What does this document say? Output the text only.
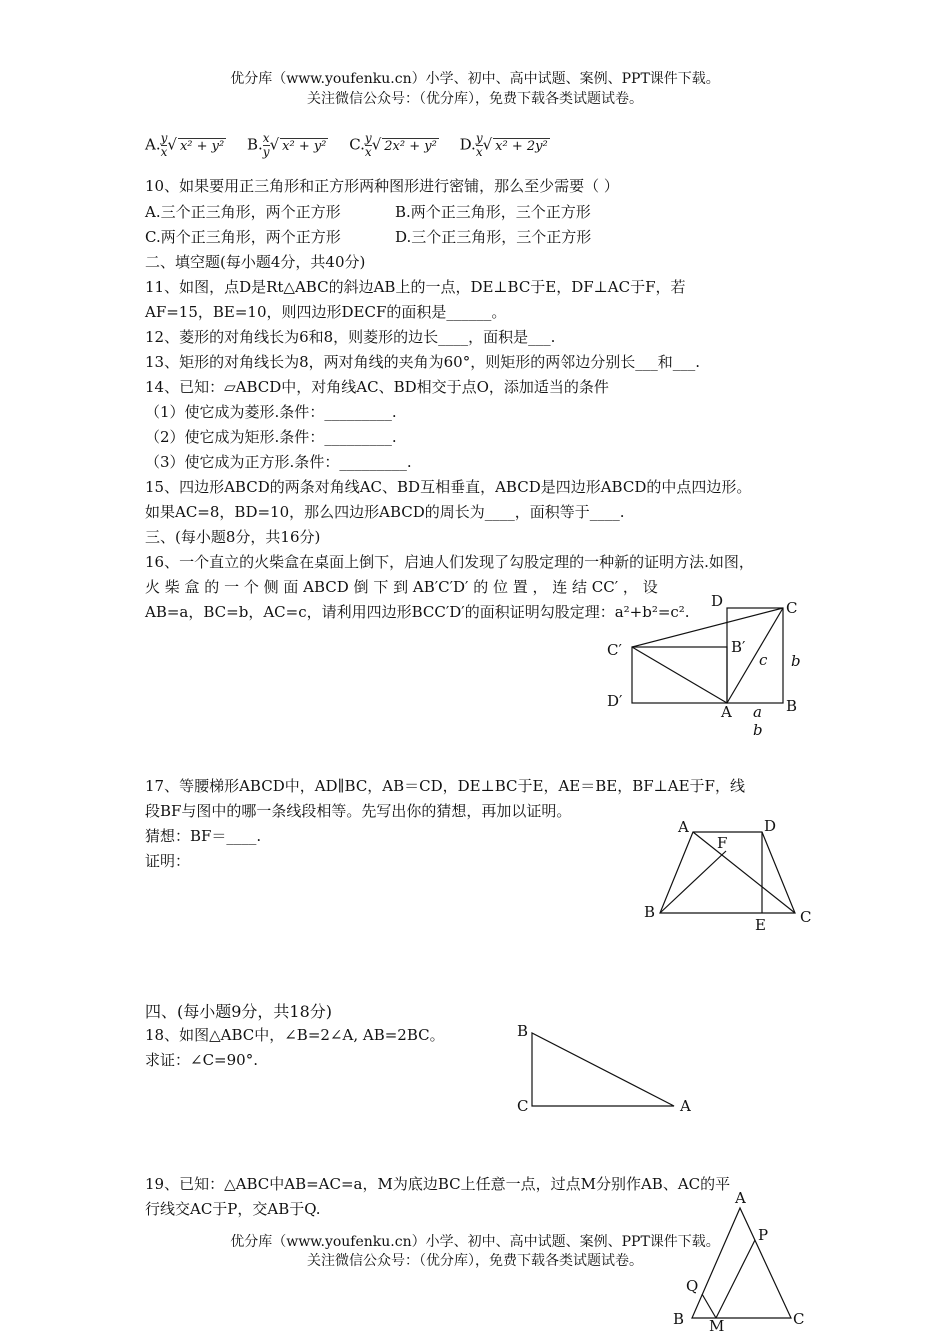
优分库（www.youfenku.cn）小学、初中、高中试题、案例、PPT课件下载。
关注微信公众号：（优分库），免费下载各类试题试卷。
A. $\frac{y}{x}$ √ x² + y² B. $\frac{x}{y}$ √ x² + y² C. $\frac{y}{x}$ √ 2x² + y² D. $\frac{y}{x}$ √ x² + 2y²
10、如果要用正三角形和正方形两种图形进行密铺，那么至少需要（ ）
A.三个正三角形，两个正方形	B.两个正三角形，三个正方形
C.两个正三角形，两个正方形	D.三个正三角形，三个正方形
二、填空题(每小题4分，共40分)
11、如图，点D是Rt△ABC的斜边AB上的一点，DE⊥BC于E，DF⊥AC于F，若
AF=15，BE=10，则四边形DECF的面积是______。
12、菱形的对角线长为6和8，则菱形的边长____，面积是___.
13、矩形的对角线长为8，两对角线的夹角为60°，则矩形的两邻边分别长___和___.
14、已知：▱ABCD中，对角线AC、BD相交于点O，添加适当的条件
（1）使它成为菱形.条件：_________.
（2）使它成为矩形.条件：_________.
（3）使它成为正方形.条件：_________.
15、四边形ABCD的两条对角线AC、BD互相垂直，ABCD是四边形ABCD的中点四边形。
如果AC=8，BD=10，那么四边形ABCD的周长为____，面积等于____.
三、(每小题8分，共16分)
16、一个直立的火柴盒在桌面上倒下，启迪人们发现了勾股定理的一种新的证明方法.如图，
火 柴 盒 的 一 个 侧 面 ABCD 倒 下 到 AB′C′D′ 的 位 置 ， 连 结 CC′ ， 设
AB=a，BC=b，AC=c，请利用四边形BCC′D′的面积证明勾股定理：a²+b²=c².
D	C
C′	B′
c b
D′
A	B
a
b
17、等腰梯形ABCD中，AD∥BC，AB＝CD，DE⊥BC于E，AE＝BE，BF⊥AE于F，线
段BF与图中的哪一条线段相等。先写出你的猜想，再加以证明。
猜想：BF＝____.
证明：
A	D
F
B
E C
四、(每小题9分，共18分)
18、如图△ABC中，∠B=2∠A, AB=2BC。
求证：∠C=90°.
B
C	A
19、已知：△ABC中AB=AC=a，M为底边BC上任意一点，过点M分别作AB、AC的平
行线交AC于P，交AB于Q.
A
P
Q
B M	C
优分库（www.youfenku.cn）小学、初中、高中试题、案例、PPT课件下载。
关注微信公众号：（优分库），免费下载各类试题试卷。
